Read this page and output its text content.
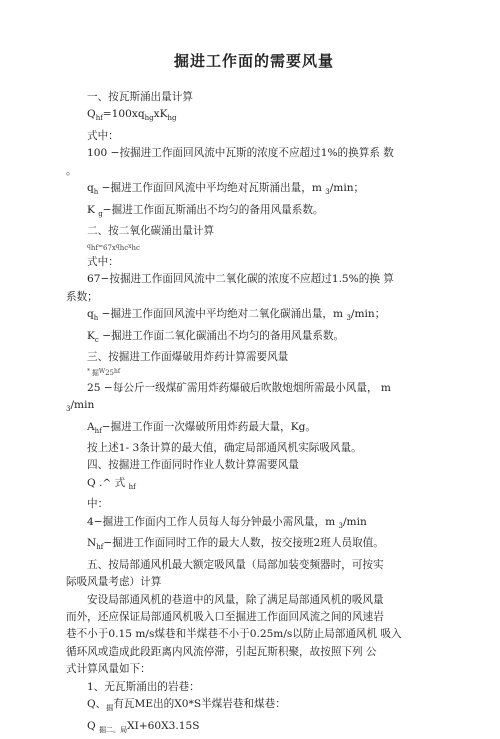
掘进工作面的需要风量
一、按瓦斯涌出量计算
$Q_{hf}=100xq_{hg}xK_{hg}$
式中：
100 −按掘进工作面回风流中瓦斯的浓度不应超过1%的换算系 数
。
$q_h$ −掘进工作面回风流中平均绝对瓦斯涌出量，m $_3$/min；
K $_g$−掘进工作面瓦斯涌出不均匀的备用风量系数。
二、按二氧化碳涌出量计算
$q_{hf}=_{67x}q_{hc}x_{hc}$
式中：
67−按掘进工作面回风流中二氧化碳的浓度不应超过1.5%的换 算
系数；
$q_h$ −掘进工作面回风流中平均绝对二氧化碳涌出量，m $_3$/min；
$K_c$ −掘进工作面二氧化碳涌出不均匀的备用风量系数。
三、按掘进工作面爆破用炸药计算需要风量
* $_掘W_{25}hf$
25 −每公斤一级煤矿需用炸药爆破后吹散炮烟所需最小风量， m
$_3$/min
$A_{hf}-$掘进工作面一次爆破所用炸药最大量，Kg。
按上述1- 3条计算的最大值，确定局部通风机实际吸风量。
四、按掘进工作面同时作业人数计算需要风量
Q .^ 式 $_{hf}$
中：
4−掘进工作面内工作人员每人每分钟最小需风量，m $_3$/min
$N_{hf}-$掘进工作面同时工作的最大人数，按交接班2班人员取值。
五、按局部通风机最大额定吸风量（局部加装变频器时，可按实
际吸风量考虑）计算
安设局部通风机的巷道中的风量，除了满足局部通风机的吸风量
而外，还应保证局部通风机吸入口至掘进工作面回风流之间的风速岩
巷不小于0.15 m/s煤巷和半煤巷不小于0.25m/s以防止局部通风机 吸入
循环风或造成此段距离内风流停滞，引起瓦斯积聚，故按照下列 公
式计算风量如下：
1、无瓦斯涌出的岩巷：
Q、$_掘$有瓦ME出的X0*S半煤岩巷和煤巷：
Q $_{掘二。局}$XI+60X3.15S
